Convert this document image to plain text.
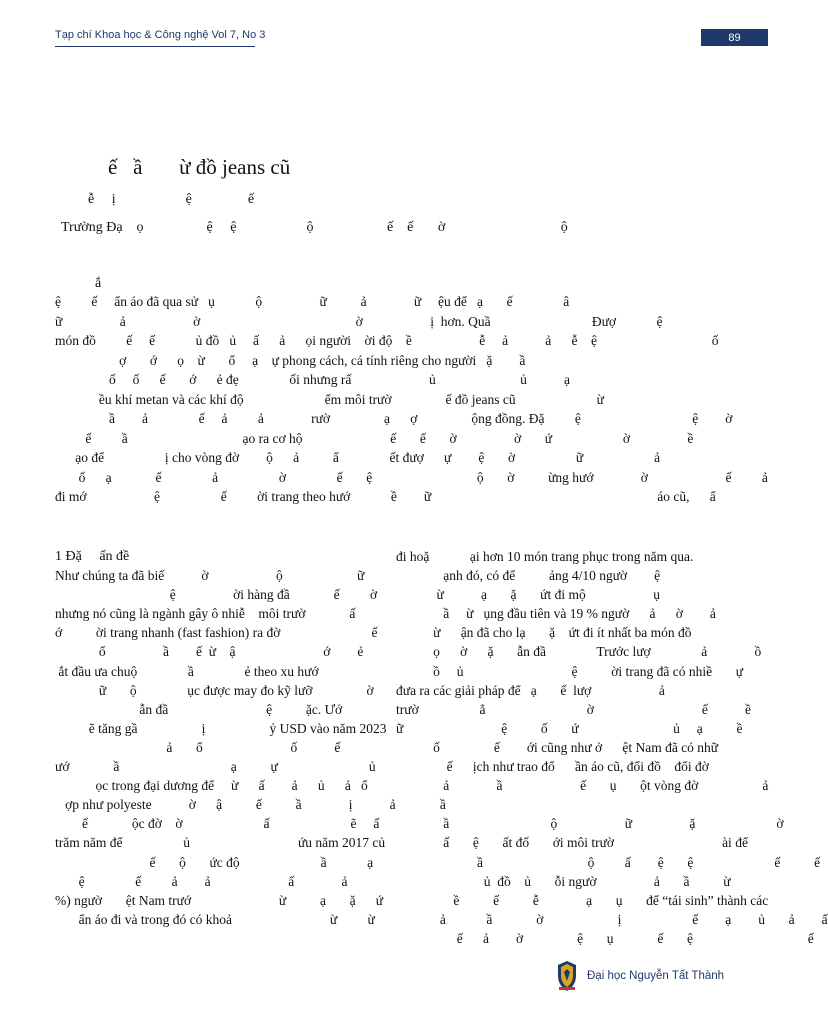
Tạp chí Khoa học & Công nghệ Vol 7, No 3	89
ế   ầ       ừ đồ jeans cũ
ễ     ị                    ệ                ế
Trường Đạ    ọ                  ệ     ệ                    ộ                     ế    ế       ờ                                 ộ
ắ
ệ         ế     ẩn áo đã qua sử   ụ            ộ                 ữ          ả              ữ     ệu để   ạ       ế               â
ữ                 ả                    ờ                                              ờ                    ị  hơn. Quầ                              Đượ            ệ
món đồ         ế     ế            ủ đồ   ủ     ấ      ả      ọi người    ời độ    ề                    ễ     ả           ả      ễ    ệ                                  ố
ợ       ớ      ọ    ừ       ổ     ạ    ự phong cách, cá tính riêng cho người   ặ        ầ
ố     ố      ế       ớ      ẻ đẹ               ối nhưng rấ                       ủ                         ủ           ạ
ều khí metan và các khí độ                        ểm môi trườ                ế đồ jeans cũ                        ừ
ầ        ả               ế     ả         ả              rườ                ạ      ợ                ộng đồng. Đặ         ệ                                 ệ        ờ
ế         ầ                                  ạo ra cơ hộ                          ế       ế       ờ                 ờ       ứ                     ờ                 ề
ạo để                  ị cho vòng đờ        ộ      ả          ẩ               ết đượ      ự        ệ       ờ                  ữ                     ả
ố      ạ             ế               ả                  ờ               ế       ệ                               ộ       ờ          ừng hướ              ờ                       ế         ả
đi mớ                    ệ                  ế         ời trang theo hướ            ề        ữ                                                                   áo cũ,      ẩ
1 Đặ     ấn đề
Như chúng ta đã biế           ờ                    ộ                      ữ
ệ                 ời hàng đầ             ế         ờ
nhưng nó cũng là ngành gây ô nhiễ    môi trườ             ấ
ớ          ời trang nhanh (fast fashion) ra đờ                           ế
ổ                 ầ        ế  ừ    ậ                          ớ        ẻ
ắt đầu ưa chuộ               ầ               ẻ theo xu hướ
ữ       ộ               ục được may đo kỹ lưỡ                ờ
ẫn đầ                             ệ          ặc. Ướ
ẽ tăng gầ                   ị                   ỷ USD vào năm 2023
ả       ổ                          ố           ế
ướ             ầ                                 ạ          ự                           ủ
ọc trong đại dương để     ừ      ấ        ả      ủ      ả   ổ
ợp như polyeste           ờ      ậ          ế          ầ              ị           ả
ế             ộc đờ    ờ                        ấ                        ẽ     ấ
trăm năm để                  ủ                                ứu năm 2017 củ
ế       ộ       ức độ                        ầ            ạ
ệ               ế         ả        ả                       ấ              ả
%) ngườ       ệt Nam trướ                          ừ          ạ       ặ      ứ
ẩn áo đi và trong đó có khoả                             ừ         ừ
đi hoặ            ại hơn 10 món trang phục trong năm qua.
ạnh đó, có để          ảng 4/10 ngườ        ệ
ừ           ạ       ặ       ứt đi mộ                    ụ
ầ     ừ   ụng đầu tiên và 19 % ngườ      ả      ờ        ả
ừ      ận đã cho lạ       ặ    ứt đi ít nhất ba món đồ
ọ      ờ      ặ       ẫn đầ               Trước lượ               ả              ồ
ồ     ủ                                ệ          ời trang đã có nhiề       ự
đưa ra các giải pháp để   ạ       ế  lượ                    ả
trườ                  ẳ                              ờ                                ế           ề
ữ                             ệ          ố       ứ                            ủ     ạ          ề
ố                ế        ới cũng như ở      ệt Nam đã có nhữ
ế      ịch như trao đổ      ần áo cũ, đổi đồ    đổi đờ
ả              ầ                       ế       ụ       ột vòng đờ                   ả
ầ
ầ                              ộ                    ữ                 ặ                        ờ
ấ       ệ       ất đố       ới môi trườ                                ài để
ầ                               ộ         ấ        ệ       ệ                        ế          ế
ủ  đồ    ủ       ỗi ngườ                 ả       ầ          ừ
ề          ế          ễ              ạ       ụ       để “tái sinh” thành các
ả            ầ             ờ                      ị                     ế        ạ        ủ       ả        ấ
ế      ả        ờ                ệ       ụ             ế       ệ                                  ế
Đại học Nguyễn Tất Thành
